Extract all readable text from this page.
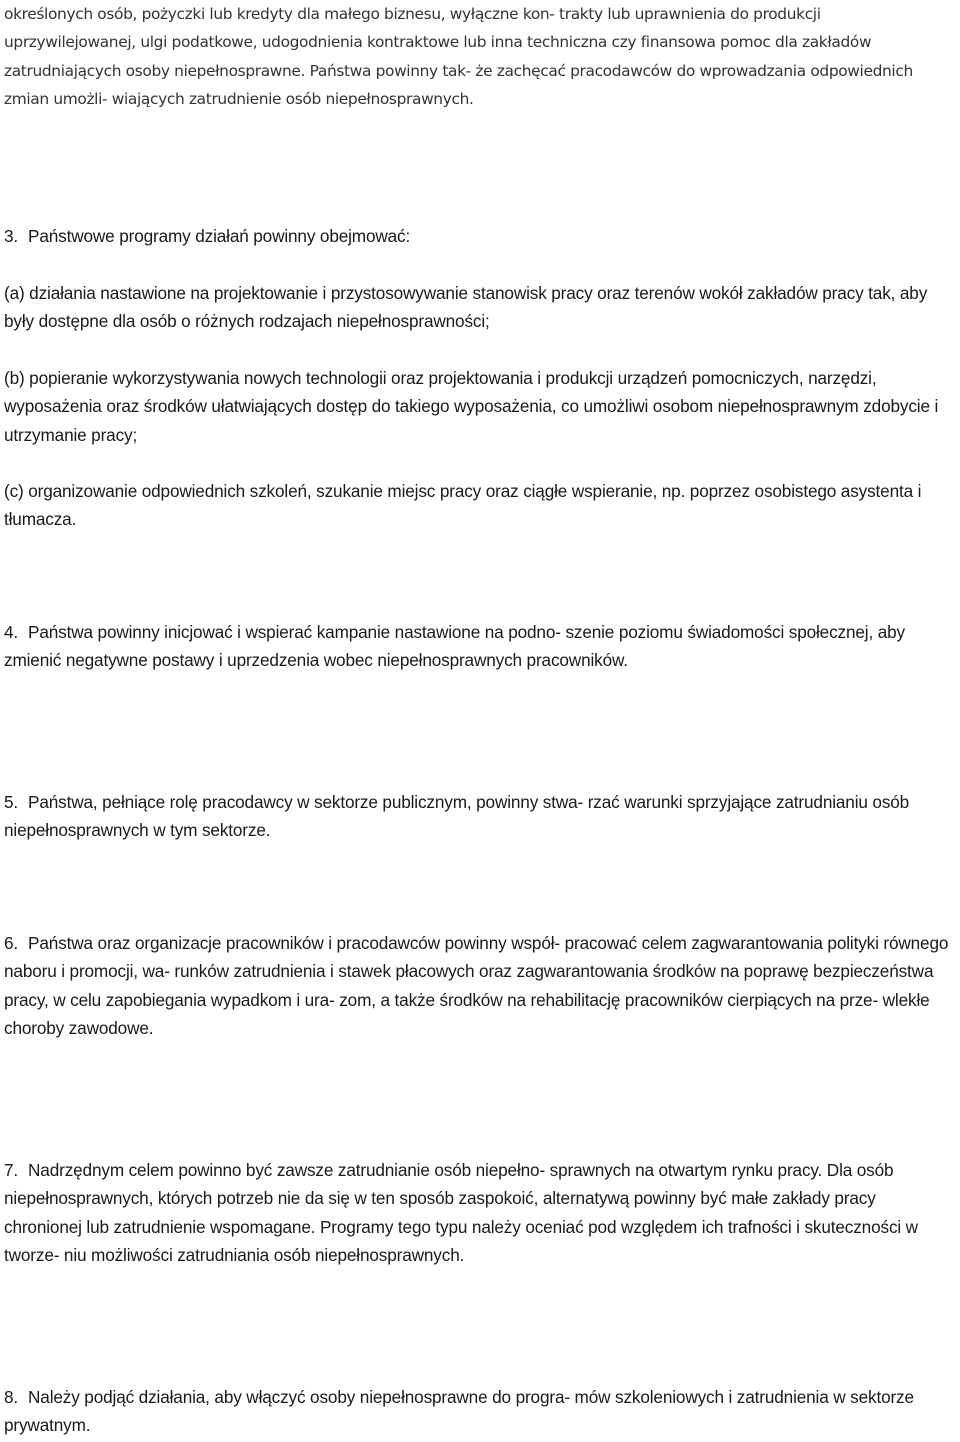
określonych osób, pożyczki lub kredyty dla małego biznesu, wyłączne kon- trakty lub uprawnienia do produkcji uprzywilejowanej, ulgi podatkowe, udogodnienia kontraktowe lub inna techniczna czy finansowa pomoc dla zakładów zatrudniających osoby niepełnosprawne. Państwa powinny tak- że zachęcać pracodawców do wprowadzania odpowiednich zmian umożli- wiających zatrudnienie osób niepełnosprawnych.

3. Państwowe programy działań powinny obejmować:

(a) działania nastawione na projektowanie i przystosowywanie stanowisk pracy oraz terenów wokół zakładów pracy tak, aby były dostępne dla osób o różnych rodzajach niepełnosprawności;

(b) popieranie wykorzystywania nowych technologii oraz projektowania i produkcji urządzeń pomocniczych, narzędzi, wyposażenia oraz środków ułatwiających dostęp do takiego wyposażenia, co umożliwi osobom niepełnosprawnym zdobycie i utrzymanie pracy;

(c) organizowanie odpowiednich szkoleń, szukanie miejsc pracy oraz ciągłe wspieranie, np. poprzez osobistego asystenta i tłumacza.

4. Państwa powinny inicjować i wspierać kampanie nastawione na podno- szenie poziomu świadomości społecznej, aby zmienić negatywne postawy i uprzedzenia wobec niepełnosprawnych pracowników.

5. Państwa, pełniące rolę pracodawcy w sektorze publicznym, powinny stwa- rzać warunki sprzyjające zatrudnianiu osób niepełnosprawnych w tym sektorze.

6. Państwa oraz organizacje pracowników i pracodawców powinny współ- pracować celem zagwarantowania polityki równego naboru i promocji, wa- runków zatrudnienia i stawek płacowych oraz zagwarantowania środków na poprawę bezpieczeństwa pracy, w celu zapobiegania wypadkom i ura- zom, a także środków na rehabilitację pracowników cierpiących na prze- wlekłe choroby zawodowe.

7. Nadrzędnym celem powinno być zawsze zatrudnianie osób niepełno- sprawnych na otwartym rynku pracy. Dla osób niepełnosprawnych, których potrzeb nie da się w ten sposób zaspokoić, alternatywą powinny być małe zakłady pracy chronionej lub zatrudnienie wspomagane. Programy tego typu należy oceniać pod względem ich trafności i skuteczności w tworze- niu możliwości zatrudniania osób niepełnosprawnych.

8. Należy podjąć działania, aby włączyć osoby niepełnosprawne do progra- mów szkoleniowych i zatrudnienia w sektorze prywatnym.
